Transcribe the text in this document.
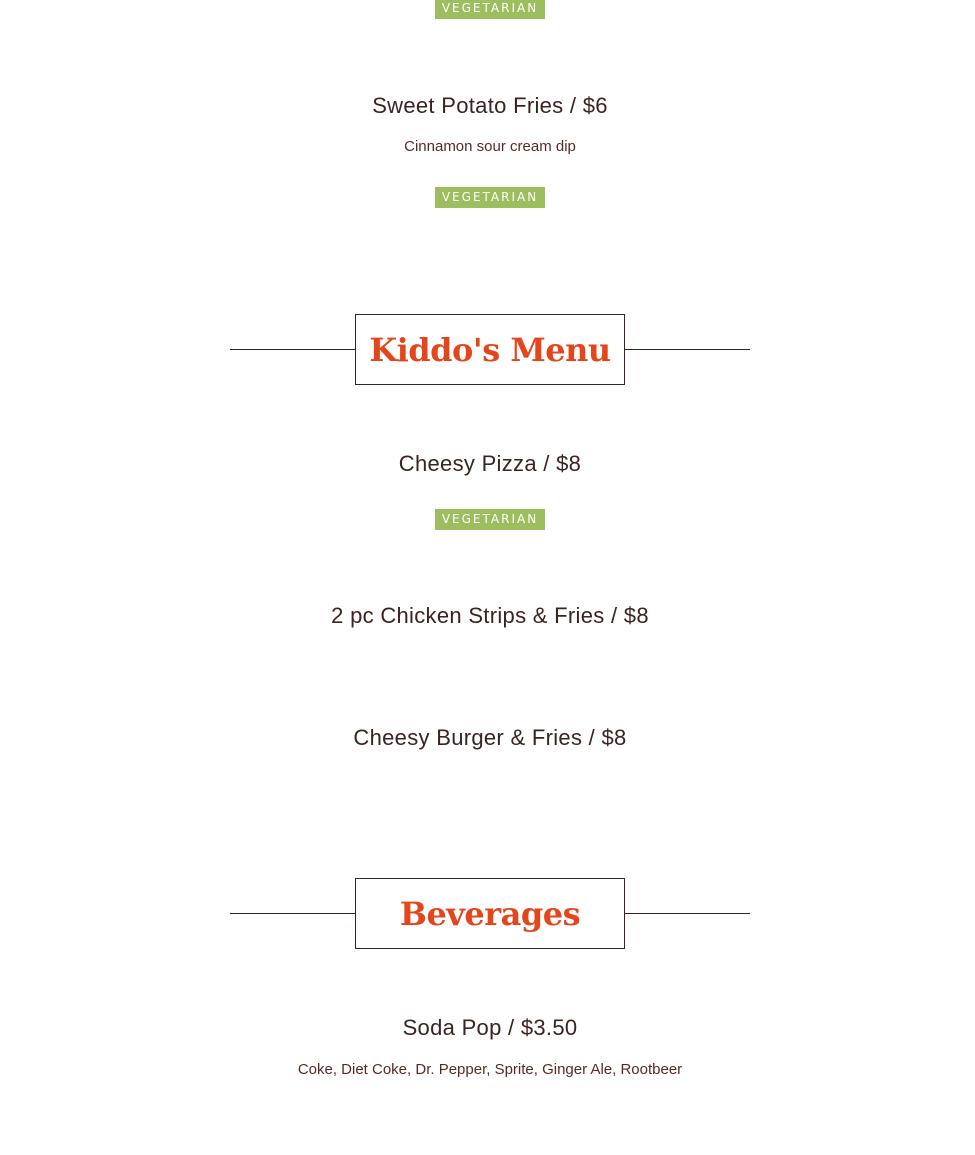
VEGETARIAN
Sweet Potato Fries / $6
Cinnamon sour cream dip
VEGETARIAN
Kiddo's Menu
Cheesy Pizza / $8
VEGETARIAN
2 pc Chicken Strips & Fries / $8
Cheesy Burger & Fries / $8
Beverages
Soda Pop / $3.50
Coke, Diet Coke, Dr. Pepper, Sprite, Ginger Ale, Rootbeer
